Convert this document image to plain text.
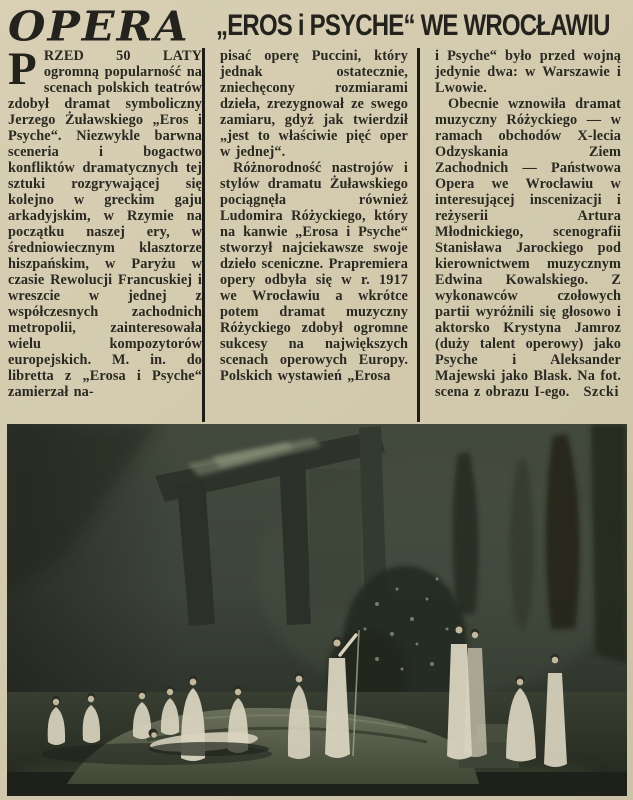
OPERA „EROS i PSYCHE“ WE WROCŁAWIU

PRZED 50 LATY ogromną popularność na scenach polskich teatrów zdobył dramat symboliczny Jerzego Żuławskiego „Eros i Psyche“. Niezwykle barwna sceneria i bogactwo konfliktów dramatycznych tej sztuki rozgrywającej się kolejno w greckim gaju arkadyjskim, w Rzymie na początku naszej ery, w średniowiecznym klasztorze hiszpańskim, w Paryżu w czasie Rewolucji Francuskiej i wreszcie w jednej z współczesnych zachodnich metropolii, zainteresowała wielu kompozytorów europejskich. M. in. do libretta z „Erosa i Psyche“ zamierzał na-

pisać operę Puccini, który jednak ostatecznie, zniechęcony rozmiarami dzieła, zrezygnował ze swego zamiaru, gdyż jak twierdził „jest to właściwie pięć oper w jednej“.

Różnorodność nastrojów i stylów dramatu Żuławskiego pociągnęła również Ludomira Różyckiego, który na kanwie „Erosa i Psyche“ stworzył najciekawsze swoje dzieło sceniczne. Prapremiera opery odbyła się w r. 1917 we Wrocławiu a wkrótce potem dramat muzyczny Różyckiego zdobył ogromne sukcesy na największych scenach operowych Europy. Polskich wystawień „Erosa

i Psyche“ było przed wojną jedynie dwa: w Warszawie i Lwowie.

Obecnie wznowiła dramat muzyczny Różyckiego — w ramach obchodów X-lecia Odzyskania Ziem Zachodnich — Państwowa Opera we Wrocławiu w interesującej inscenizacji i reżyserii Artura Młodnickiego, scenografii Stanisława Jarockiego pod kierownictwem muzycznym Edwina Kowalskiego. Z wykonawców czołowych partii wyróżnili się głosowo i aktorsko Krystyna Jamroz (duży talent operowy) jako Psyche i Aleksander Majewski jako Blask. Na fot. scena z obrazu I-ego. Szcki
